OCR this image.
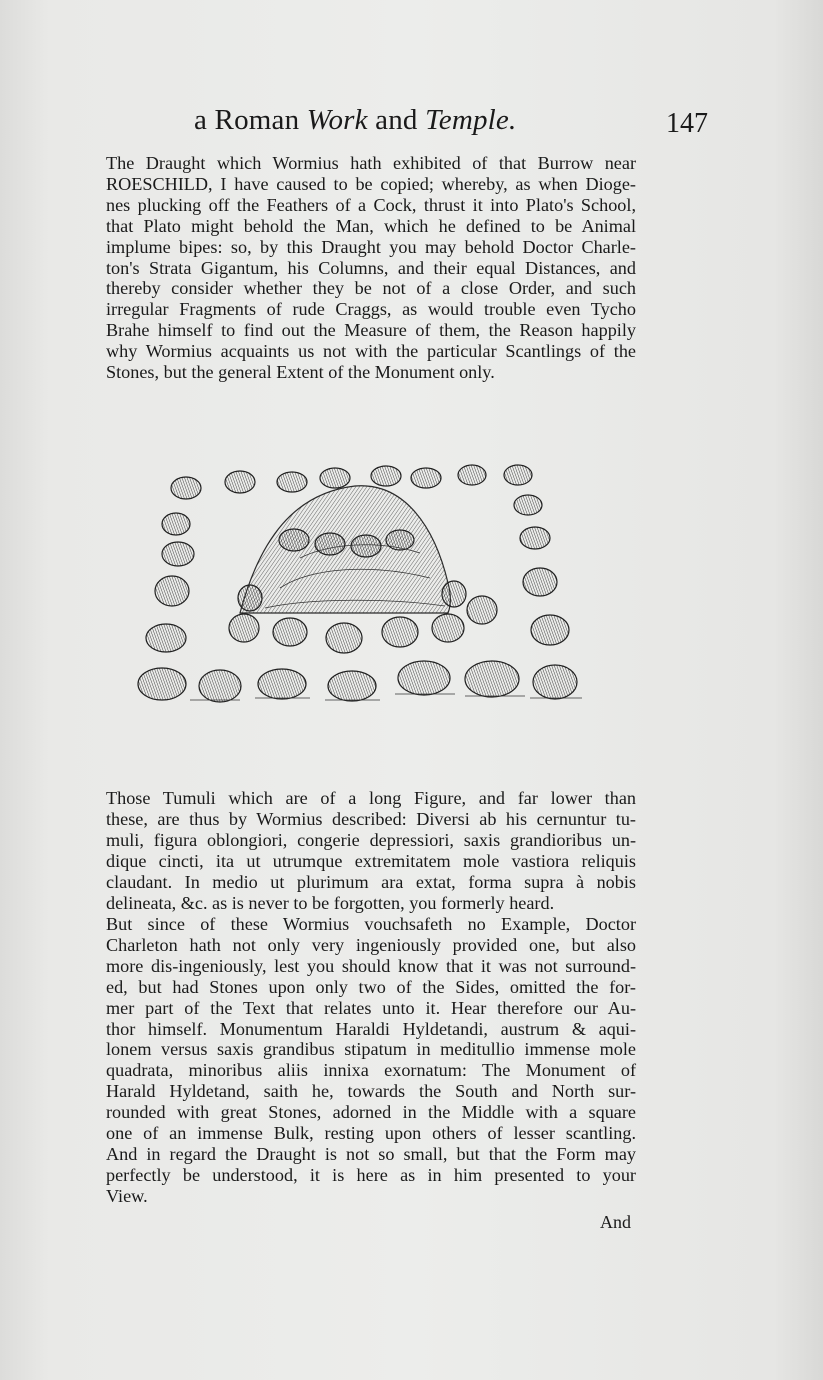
a Roman Work and Temple.	147
The Draught which Wormius hath exhibited of that Burrow near
ROESCHILD, I have caused to be copied; whereby, as when Dioge-
nes plucking off the Feathers of a Cock, thrust it into Plato's School,
that Plato might behold the Man, which he defined to be Animal
implume bipes: so, by this Draught you may behold Doctor Charle-
ton's Strata Gigantum, his Columns, and their equal Distances, and
thereby consider whether they be not of a close Order, and such
irregular Fragments of rude Craggs, as would trouble even Tycho
Brahe himself to find out the Measure of them, the Reason happily
why Wormius acquaints us not with the particular Scantlings of the
Stones, but the general Extent of the Monument only.
Those Tumuli which are of a long Figure, and far lower than
these, are thus by Wormius described: Diversi ab his cernuntur tu-
muli, figura oblongiori, congerie depressiori, saxis grandioribus un-
dique cincti, ita ut utrumque extremitatem mole vastiora reliquis
claudant. In medio ut plurimum ara extat, forma supra à nobis
delineata, &c. as is never to be forgotten, you formerly heard.
But since of these Wormius vouchsafeth no Example, Doctor
Charleton hath not only very ingeniously provided one, but also
more dis-ingeniously, lest you should know that it was not surround-
ed, but had Stones upon only two of the Sides, omitted the for-
mer part of the Text that relates unto it. Hear therefore our Au-
thor himself. Monumentum Haraldi Hyldetandi, austrum & aqui-
lonem versus saxis grandibus stipatum in meditullio immense mole
quadrata, minoribus aliis innixa exornatum: The Monument of
Harald Hyldetand, saith he, towards the South and North sur-
rounded with great Stones, adorned in the Middle with a square
one of an immense Bulk, resting upon others of lesser scantling.
And in regard the Draught is not so small, but that the Form may
perfectly be understood, it is here as in him presented to your
View.
And
